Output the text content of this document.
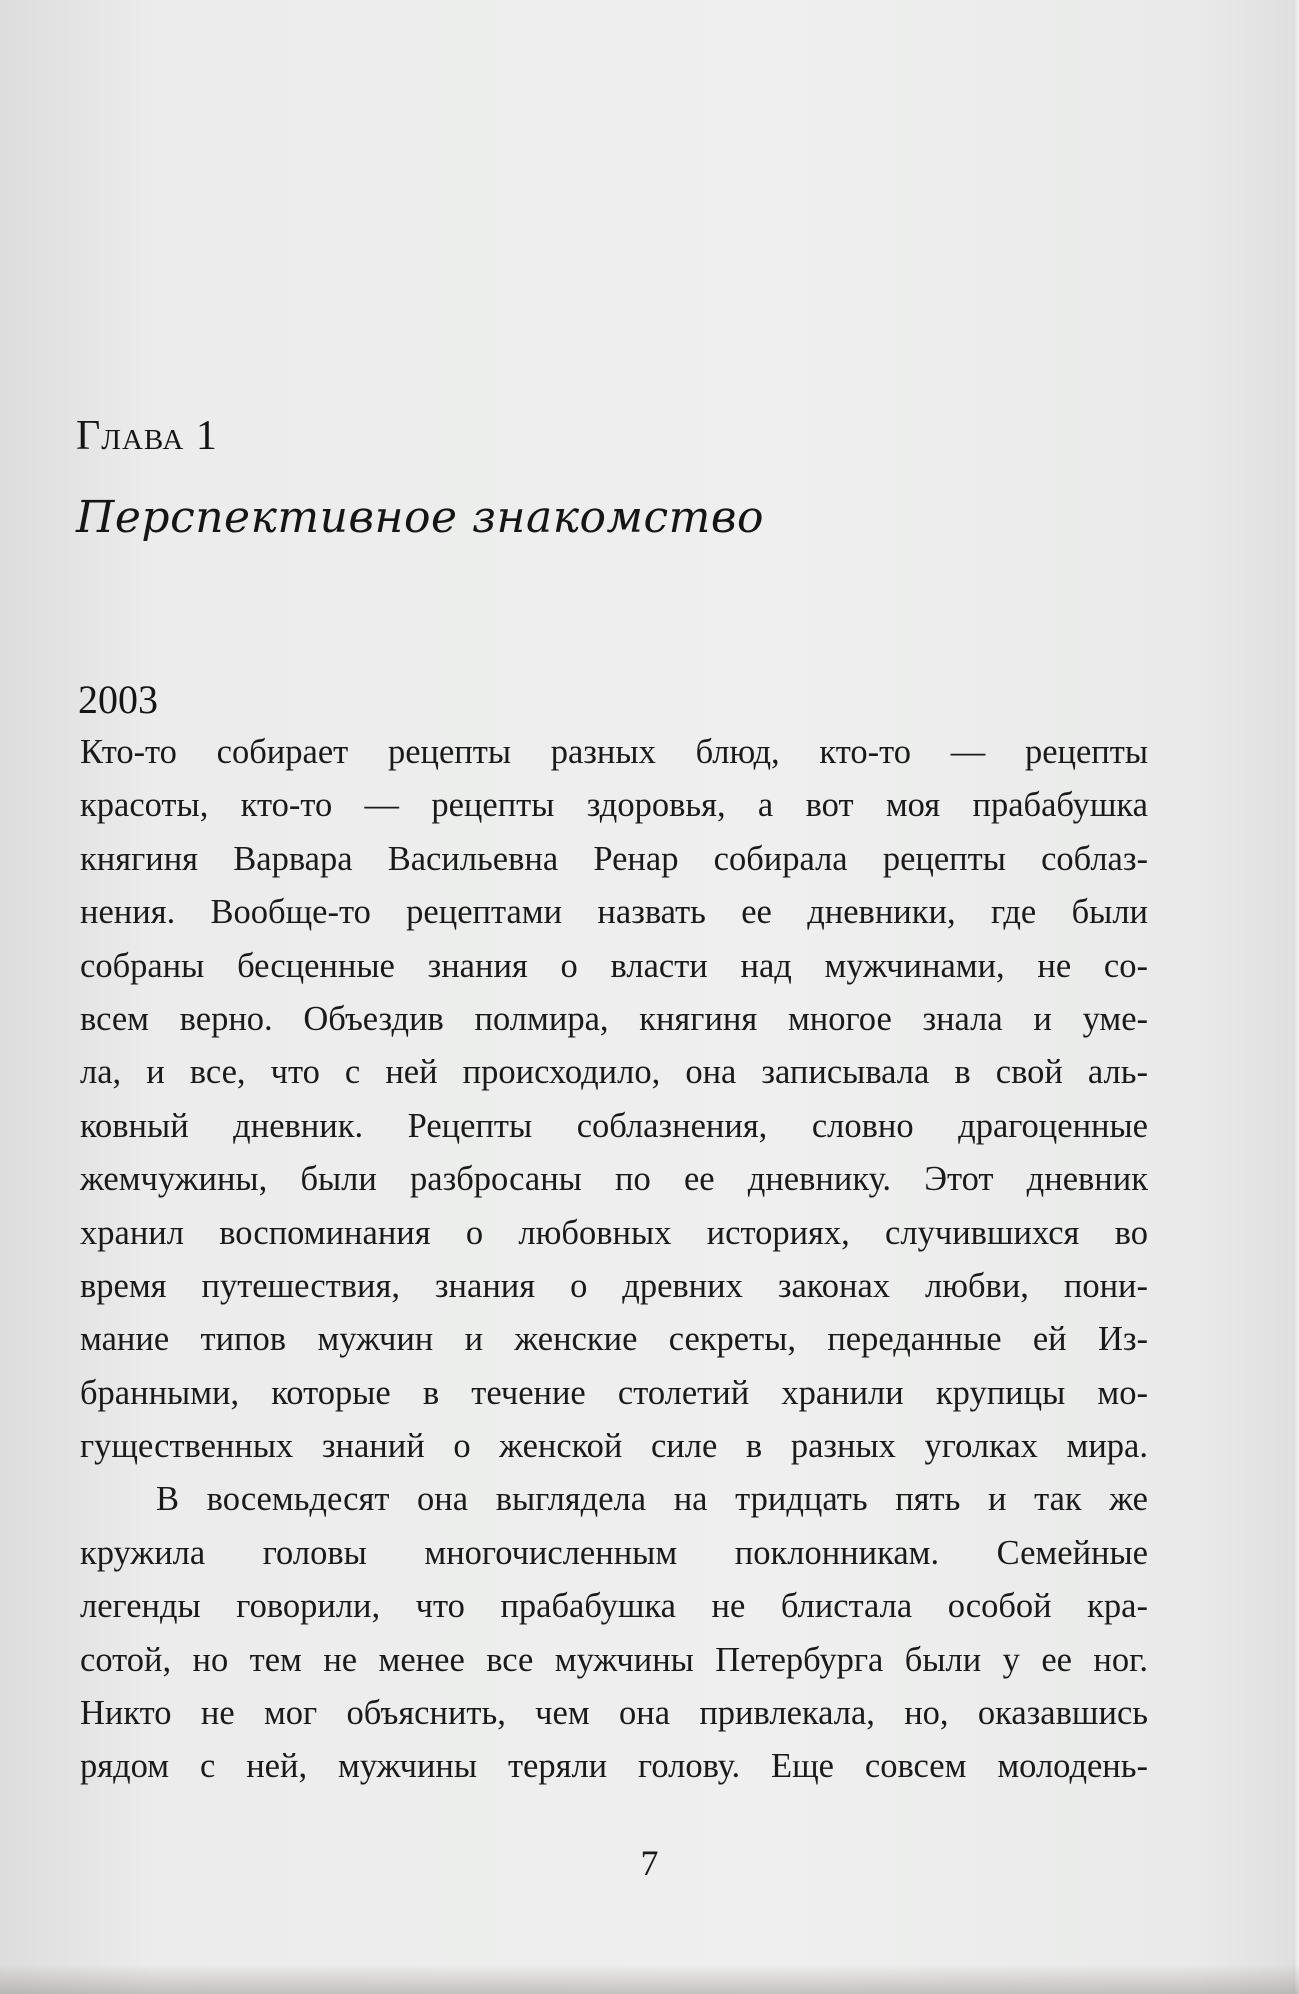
Глава 1
Перспективное знакомство
2003
Кто-то собирает рецепты разных блюд, кто-то — рецепты
красоты, кто-то — рецепты здоровья, а вот моя прабабушка
княгиня Варвара Васильевна Ренар собирала рецепты соблаз-
нения. Вообще-то рецептами назвать ее дневники, где были
собраны бесценные знания о власти над мужчинами, не со-
всем верно. Объездив полмира, княгиня многое знала и уме-
ла, и все, что с ней происходило, она записывала в свой аль-
ковный дневник. Рецепты соблазнения, словно драгоценные
жемчужины, были разбросаны по ее дневнику. Этот дневник
хранил воспоминания о любовных историях, случившихся во
время путешествия, знания о древних законах любви, пони-
мание типов мужчин и женские секреты, переданные ей Из-
бранными, которые в течение столетий хранили крупицы мо-
гущественных знаний о женской силе в разных уголках мира.
В восемьдесят она выглядела на тридцать пять и так же
кружила головы многочисленным поклонникам. Семейные
легенды говорили, что прабабушка не блистала особой кра-
сотой, но тем не менее все мужчины Петербурга были у ее ног.
Никто не мог объяснить, чем она привлекала, но, оказавшись
рядом с ней, мужчины теряли голову. Еще совсем молодень-
7
